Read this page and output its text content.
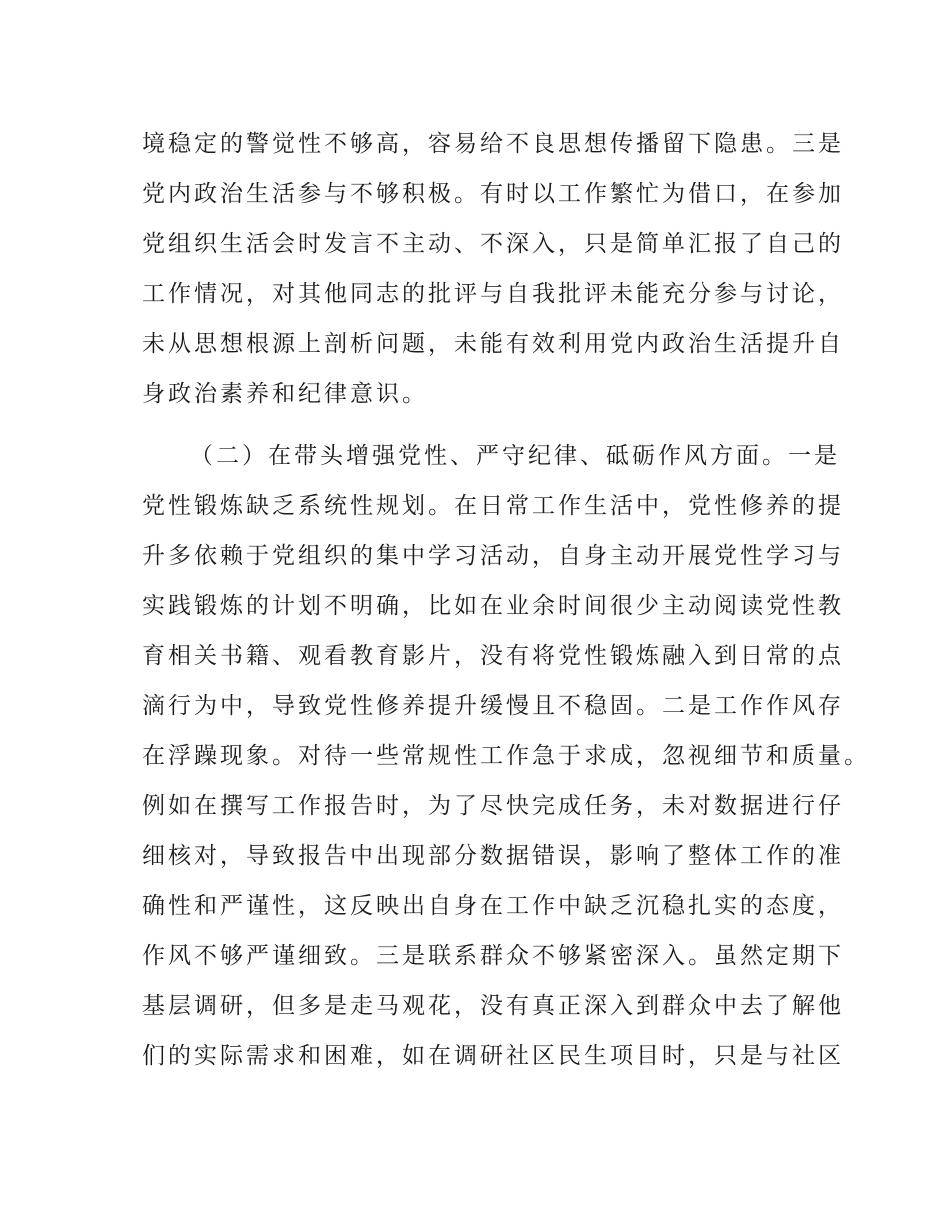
境稳定的警觉性不够高，容易给不良思想传播留下隐患。三是
党内政治生活参与不够积极。有时以工作繁忙为借口，在参加
党组织生活会时发言不主动、不深入，只是简单汇报了自己的
工作情况，对其他同志的批评与自我批评未能充分参与讨论，
未从思想根源上剖析问题，未能有效利用党内政治生活提升自
身政治素养和纪律意识。
（二）在带头增强党性、严守纪律、砥砺作风方面。一是
党性锻炼缺乏系统性规划。在日常工作生活中，党性修养的提
升多依赖于党组织的集中学习活动，自身主动开展党性学习与
实践锻炼的计划不明确，比如在业余时间很少主动阅读党性教
育相关书籍、观看教育影片，没有将党性锻炼融入到日常的点
滴行为中，导致党性修养提升缓慢且不稳固。二是工作作风存
在浮躁现象。对待一些常规性工作急于求成，忽视细节和质量。
例如在撰写工作报告时，为了尽快完成任务，未对数据进行仔
细核对，导致报告中出现部分数据错误，影响了整体工作的准
确性和严谨性，这反映出自身在工作中缺乏沉稳扎实的态度，
作风不够严谨细致。三是联系群众不够紧密深入。虽然定期下
基层调研，但多是走马观花，没有真正深入到群众中去了解他
们的实际需求和困难，如在调研社区民生项目时，只是与社区
